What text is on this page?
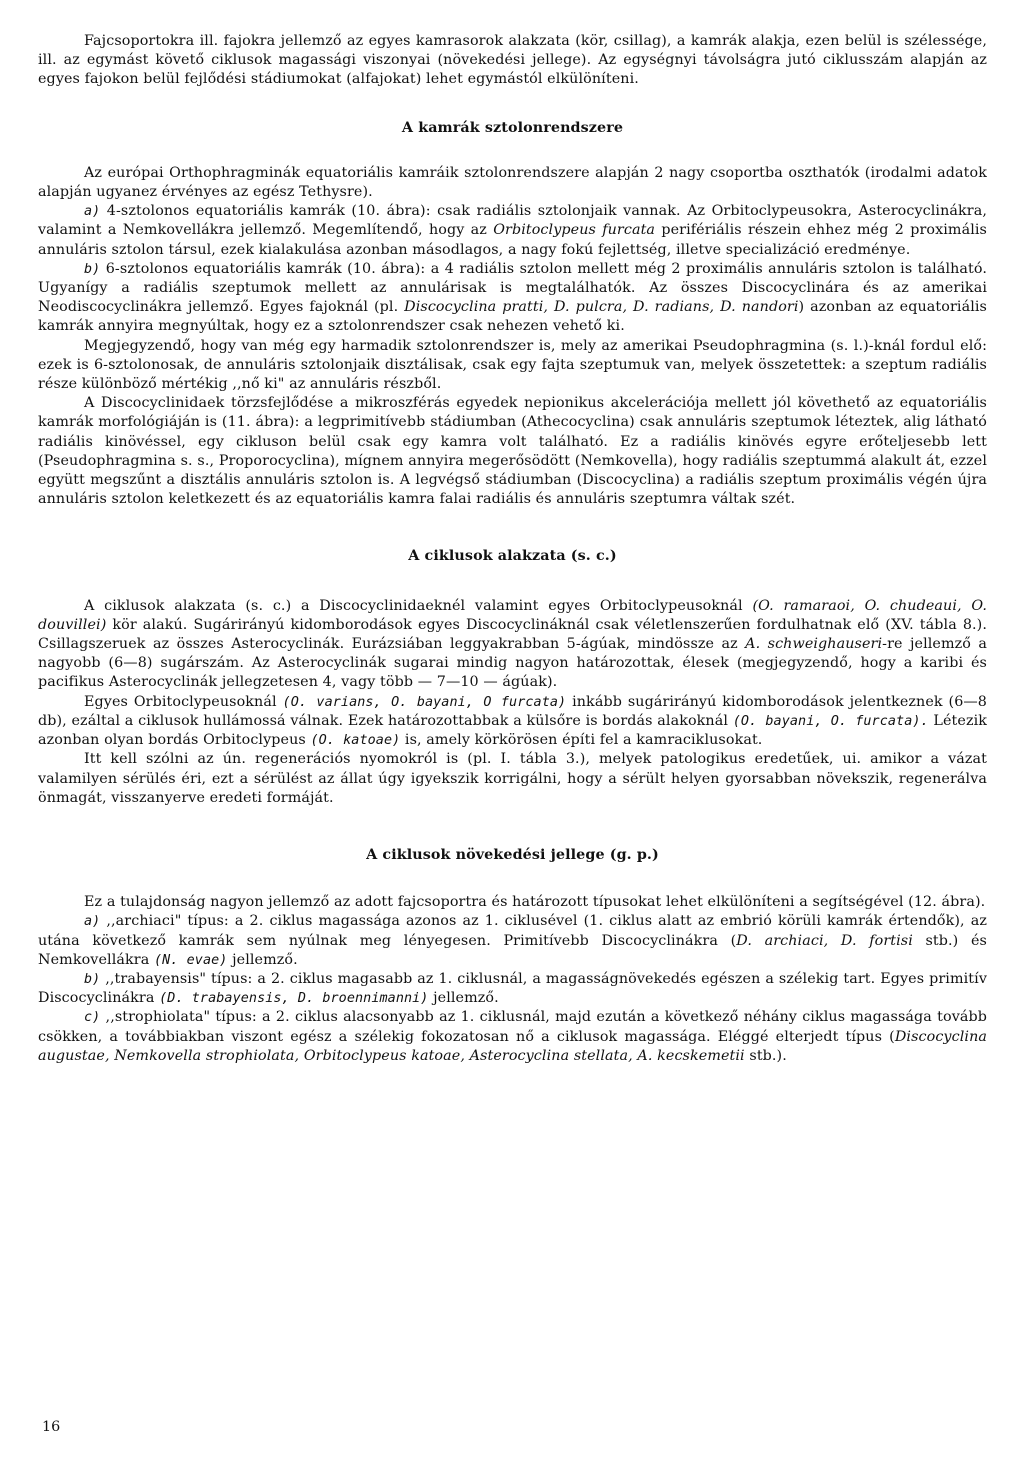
Fajcsoportokra ill. fajokra jellemző az egyes kamrasorok alakzata (kör, csillag), a kamrák alakja, ezen belül is szélessége, ill. az egymást követő ciklusok magassági viszonyai (növekedési jellege). Az egységnyi távolságra jutó ciklusszám alapján az egyes fajokon belül fejlődési stádiumokat (alfajokat) lehet egymástól elkülöníteni.

A kamrák sztolonrendszere

Az európai Orthophragminák equatoriális kamráik sztolonrendszere alapján 2 nagy csoportba oszthatók (irodalmi adatok alapján ugyanez érvényes az egész Tethysre).

a) 4-sztolonos equatoriális kamrák (10. ábra): csak radiális sztolonjaik vannak. Az Orbitoclypeusokra, Asterocyclinákra, valamint a Nemkovellákra jellemző. Megemlítendő, hogy az Orbitoclypeus furcata perifériális részein ehhez még 2 proximális annuláris sztolon társul, ezek kialakulása azonban másodlagos, a nagy fokú fejlettség, illetve specializáció eredménye.

b) 6-sztolonos equatoriális kamrák (10. ábra): a 4 radiális sztolon mellett még 2 proximális annuláris sztolon is található. Ugyanígy a radiális szeptumok mellett az annulárisak is megtalálhatók. Az összes Discocyclinára és az amerikai Neodiscocyclinákra jellemző. Egyes fajoknál (pl. Discocyclina pratti, D. pulcra, D. radians, D. nandori) azonban az equatoriális kamrák annyira megnyúltak, hogy ez a sztolonrendszer csak nehezen vehető ki.

Megjegyzendő, hogy van még egy harmadik sztolonrendszer is, mely az amerikai Pseudophragmina (s. l.)-knál fordul elő: ezek is 6-sztolonosak, de annuláris sztolonjaik disztálisak, csak egy fajta szeptumuk van, melyek összetettek: a szeptum radiális része különböző mértékig ,,nő ki" az annuláris részből.

A Discocyclinidaek törzsfejlődése a mikroszférás egyedek nepionikus akcelerációja mellett jól követhető az equatoriális kamrák morfológiáján is (11. ábra): a legprimitívebb stádiumban (Athecocyclina) csak annuláris szeptumok léteztek, alig látható radiális kinövéssel, egy cikluson belül csak egy kamra volt található. Ez a radiális kinövés egyre erőteljesebb lett (Pseudophragmina s. s., Proporocyclina), mígnem annyira megerősödött (Nemkovella), hogy radiális szeptummá alakult át, ezzel együtt megszűnt a disztális annuláris sztolon is. A legvégső stádiumban (Discocyclina) a radiális szeptum proximális végén újra annuláris sztolon keletkezett és az equatoriális kamra falai radiális és annuláris szeptumra váltak szét.

A ciklusok alakzata (s. c.)

A ciklusok alakzata (s. c.) a Discocyclinidaeknél valamint egyes Orbitoclypeusoknál (O. ramaraoi, O. chudeaui, O. douvillei) kör alakú. Sugárirányú kidomborodások egyes Discocyclináknál csak véletlenszerűen fordulhatnak elő (XV. tábla 8.). Csillagszeruek az összes Asterocyclinák. Eurázsiában leggyakrabban 5-ágúak, mindössze az A. schweighauseri-re jellemző a nagyobb (6—8) sugárszám. Az Asterocyclinák sugarai mindig nagyon határozottak, élesek (megjegyzendő, hogy a karibi és pacifikus Asterocyclinák jellegzetesen 4, vagy több — 7—10 — ágúak).

Egyes Orbitoclypeusoknál (O. varians, O. bayani, O furcata) inkább sugárirányú kidomborodások jelentkeznek (6—8 db), ezáltal a ciklusok hullámossá válnak. Ezek határozottabbak a külsőre is bordás alakoknál (O. bayani, O. furcata). Létezik azonban olyan bordás Orbitoclypeus (O. katoae) is, amely körkörösen építi fel a kamraciklusokat.

Itt kell szólni az ún. regenerációs nyomokról is (pl. I. tábla 3.), melyek patologikus eredetűek, ui. amikor a vázat valamilyen sérülés éri, ezt a sérülést az állat úgy igyekszik korrigálni, hogy a sérült helyen gyorsabban növekszik, regenerálva önmagát, visszanyerve eredeti formáját.

A ciklusok növekedési jellege (g. p.)

Ez a tulajdonság nagyon jellemző az adott fajcsoportra és határozott típusokat lehet elkülöníteni a segítségével (12. ábra).

a) ,,archiaci" típus: a 2. ciklus magassága azonos az 1. ciklusével (1. ciklus alatt az embrió körüli kamrák értendők), az utána következő kamrák sem nyúlnak meg lényegesen. Primitívebb Discocyclinákra (D. archiaci, D. fortisi stb.) és Nemkovellákra (N. evae) jellemző.

b) ,,trabayensis" típus: a 2. ciklus magasabb az 1. ciklusnál, a magasságnövekedés egészen a szélekig tart. Egyes primitív Discocyclinákra (D. trabayensis, D. broennimanni) jellemző.

c) ,,strophiolata" típus: a 2. ciklus alacsonyabb az 1. ciklusnál, majd ezután a következő néhány ciklus magassága tovább csökken, a továbbiakban viszont egész a szélekig fokozatosan nő a ciklusok magassága. Eléggé elterjedt típus (Discocyclina augustae, Nemkovella strophiolata, Orbitoclypeus katoae, Asterocyclina stellata, A. kecskemetii stb.).

16
